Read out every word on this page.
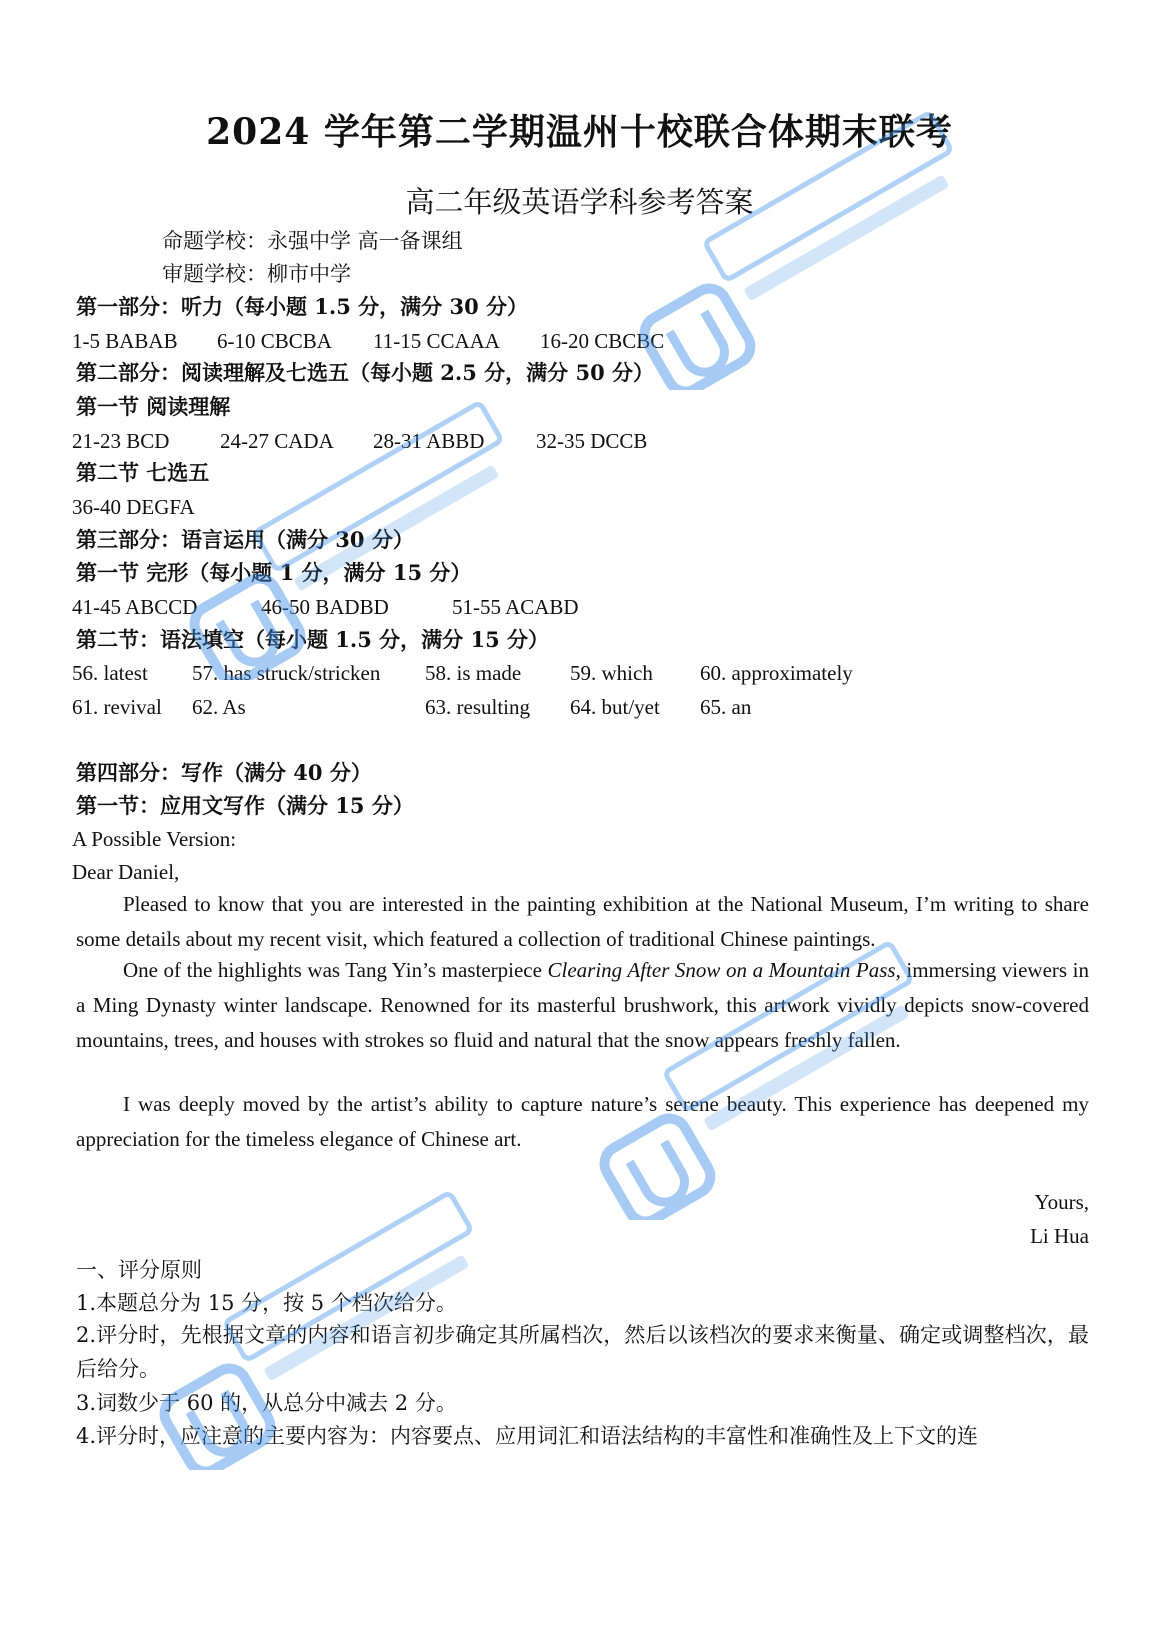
2024 学年第二学期温州十校联合体期末联考
高二年级英语学科参考答案
命题学校：永强中学 高一备课组
审题学校：柳市中学
第一部分：听力（每小题 1.5 分，满分 30 分）
1-5 BABAB 6-10 CBCBA 11-15 CCAAA 16-20 CBCBC
第二部分：阅读理解及七选五（每小题 2.5 分，满分 50 分）
第一节 阅读理解
21-23 BCD 24-27 CADA 28-31 ABBD 32-35 DCCB
第二节 七选五
36-40 DEGFA
第三部分：语言运用（满分 30 分）
第一节 完形（每小题 1 分，满分 15 分）
41-45 ABCCD	46-50 BADBD	51-55 ACABD
第二节：语法填空（每小题 1.5 分，满分 15 分）
56. latest 57. has struck/stricken 58. is made 59. which 60. approximately
61. revival 62. As	63. resulting 64. but/yet 65. an
第四部分：写作（满分 40 分）
第一节：应用文写作（满分 15 分）
A Possible Version:
Dear Daniel,
Pleased to know that you are interested in the painting exhibition at the National Museum, I’m writing to share some details about my recent visit, which featured a collection of traditional Chinese paintings.
One of the highlights was Tang Yin’s masterpiece Clearing After Snow on a Mountain Pass, immersing viewers in a Ming Dynasty winter landscape. Renowned for its masterful brushwork, this artwork vividly depicts snow-covered mountains, trees, and houses with strokes so fluid and natural that the snow appears freshly fallen.
I was deeply moved by the artist’s ability to capture nature’s serene beauty. This experience has deepened my appreciation for the timeless elegance of Chinese art.
Yours,
Li Hua
一、评分原则
1.本题总分为 15 分，按 5 个档次给分。
2.评分时，先根据文章的内容和语言初步确定其所属档次，然后以该档次的要求来衡量、确定或调整档次，最后给分。
3.词数少于 60 的，从总分中减去 2 分。
4.评分时，应注意的主要内容为：内容要点、应用词汇和语法结构的丰富性和准确性及上下文的连
